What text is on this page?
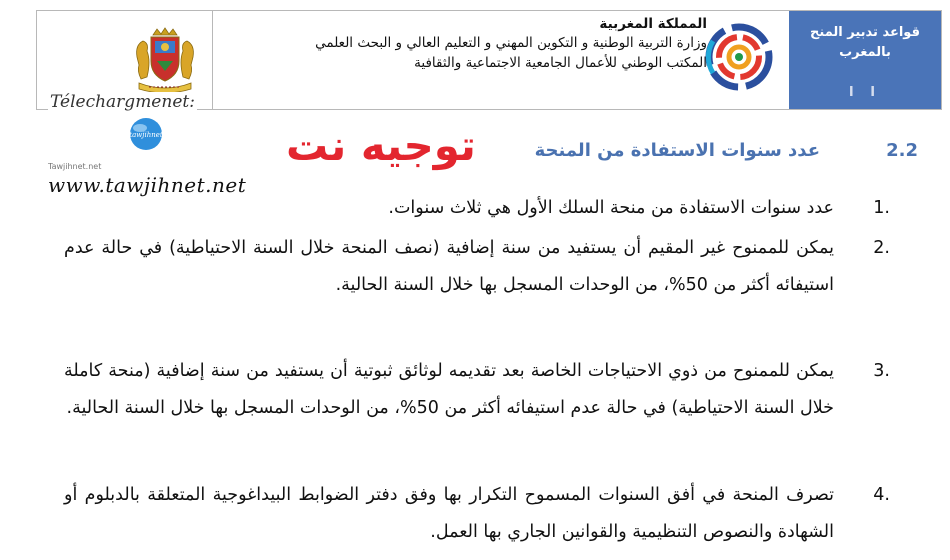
المملكة المغربية
وزارة التربية الوطنية و التكوين المهني و التعليم العالي و البحث العلمي
المكتب الوطني للأعمال الجامعية الاجتماعية والثقافية
قواعد تدبير المنح بالمغرب
I I
Télechargmenet:
توجيه نت
tawjihnet
Tawjihnet.net
www.tawjihnet.net
عدد سنوات الاستفادة من المنحة	2.2
1.
عدد سنوات الاستفادة من منحة السلك الأول هي ثلاث سنوات.
2.
يمكن للممنوح غير المقيم أن يستفيد من سنة إضافية (نصف المنحة خلال السنة الاحتياطية) في حالة عدم استيفائه أكثر من 50%، من الوحدات المسجل بها خلال السنة الحالية.
3.
يمكن للممنوح من ذوي الاحتياجات الخاصة بعد تقديمه لوثائق ثبوتية أن يستفيد من سنة إضافية (منحة كاملة خلال السنة الاحتياطية) في حالة عدم استيفائه أكثر من 50%، من الوحدات المسجل بها خلال السنة الحالية.
4.
تصرف المنحة في أفق السنوات المسموح التكرار بها وفق دفتر الضوابط البيداغوجية المتعلقة بالدبلوم أو الشهادة والنصوص التنظيمية والقوانين الجاري بها العمل.
